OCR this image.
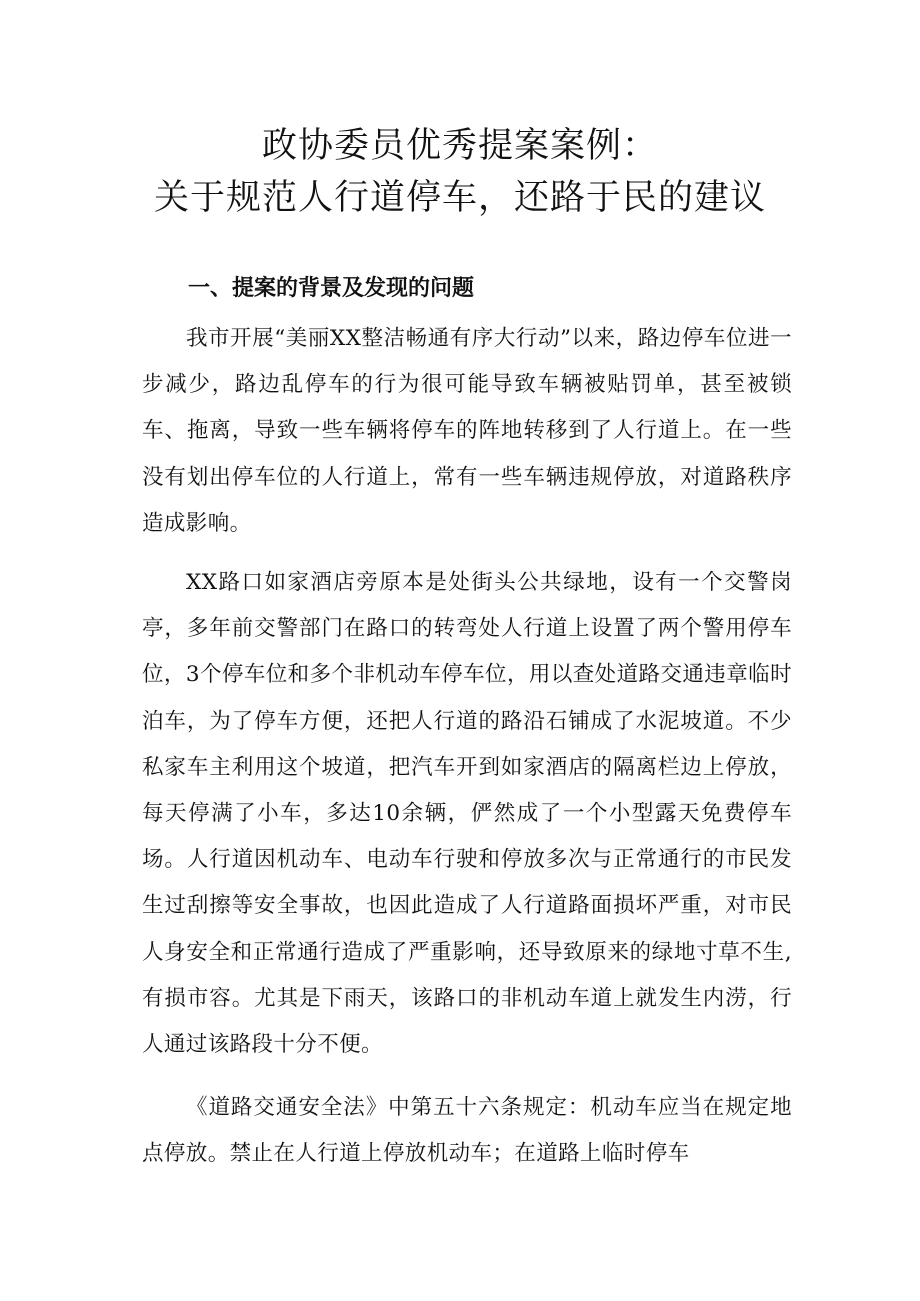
政协委员优秀提案案例：
关于规范人行道停车，还路于民的建议
一、提案的背景及发现的问题
我市开展“美丽XX整洁畅通有序大行动”以来，路边停车位进一步减少，路边乱停车的行为很可能导致车辆被贴罚单，甚至被锁车、拖离，导致一些车辆将停车的阵地转移到了人行道上。在一些没有划出停车位的人行道上，常有一些车辆违规停放，对道路秩序造成影响。
XX路口如家酒店旁原本是处街头公共绿地，设有一个交警岗亭，多年前交警部门在路口的转弯处人行道上设置了两个警用停车位，3个停车位和多个非机动车停车位，用以查处道路交通违章临时泊车，为了停车方便，还把人行道的路沿石铺成了水泥坡道。不少私家车主利用这个坡道，把汽车开到如家酒店的隔离栏边上停放，每天停满了小车，多达10余辆，俨然成了一个小型露天免费停车场。人行道因机动车、电动车行驶和停放多次与正常通行的市民发生过刮擦等安全事故，也因此造成了人行道路面损坏严重，对市民人身安全和正常通行造成了严重影响，还导致原来的绿地寸草不生,有损市容。尤其是下雨天，该路口的非机动车道上就发生内涝，行人通过该路段十分不便。
《道路交通安全法》中第五十六条规定：机动车应当在规定地点停放。禁止在人行道上停放机动车；在道路上临时停车
